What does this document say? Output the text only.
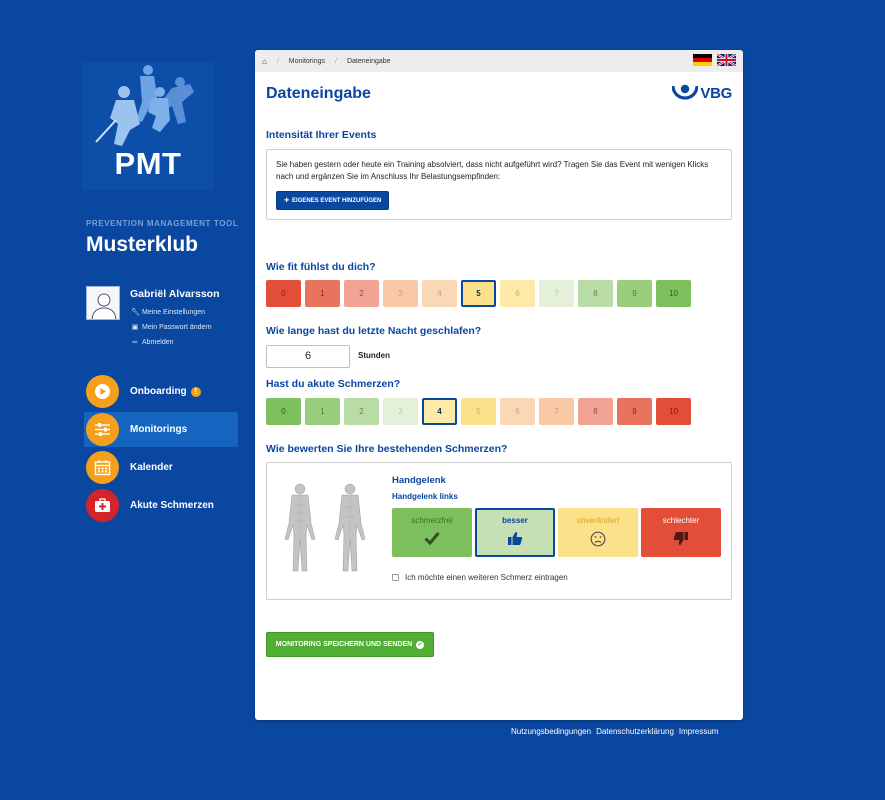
PMT
PREVENTION MANAGEMENT TOOL
Musterklub
Gabriël Alvarsson
🔧︎ Meine Einstellungen
▣ Mein Passwort ändern
⇨ Abmelden
Onboarding !
Monitorings
Kalender
Akute Schmerzen
⌂ / Monitorings / Dateneingabe
Dateneingabe	VBG
Intensität Ihrer Events
Sie haben gestern oder heute ein Training absolviert, dass nicht aufgeführt wird? Tragen Sie das Event mit wenigen Klicks nach und ergänzen Sie im Anschluss Ihr Belastungsempfinden:
✚ EIGENES EVENT HINZUFÜGEN
Wie fit fühlst du dich?
0	1	2	3	4	5	6	7	8	9	10
Wie lange hast du letzte Nacht geschlafen?
6	Stunden
Hast du akute Schmerzen?
0	1	2	3	4	5	6	7	8	9	10
Wie bewerten Sie Ihre bestehenden Schmerzen?
Handgelenk
Handgelenk links
schmerzfrei	besser	unverändert	schlechter
Ich möchte einen weiteren Schmerz eintragen
MONITORING SPEICHERN UND SENDEN ✔
Nutzungsbedingungen Datenschutzerklärung Impressum
